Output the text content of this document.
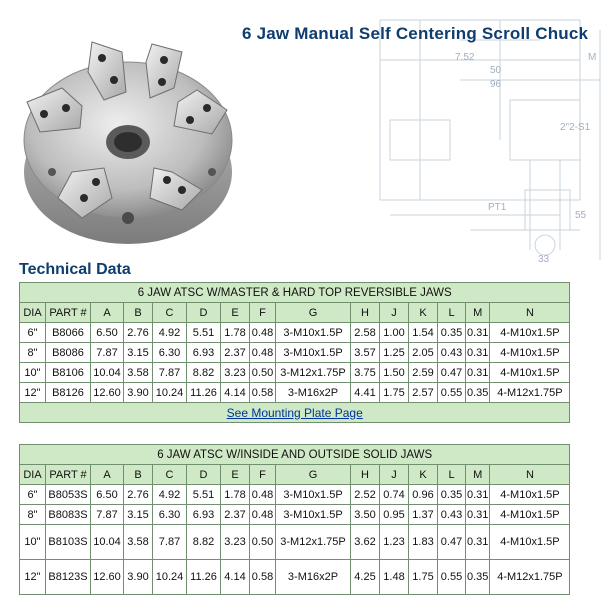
7.52
50
96
2"2-S1
PT1
55
33
M
6 Jaw Manual Self Centering Scroll Chuck
Technical Data
6 JAW ATSC W/MASTER & HARD TOP REVERSIBLE JAWS														
DIA	PART #	A	B	C	D	E	F	G	H	J	K	L	M	N
6"	B8066	6.50	2.76	4.92	5.51	1.78	0.48	3-M10x1.5P	2.58	1.00	1.54	0.35	0.31	4-M10x1.5P
8"	B8086	7.87	3.15	6.30	6.93	2.37	0.48	3-M10x1.5P	3.57	1.25	2.05	0.43	0.31	4-M10x1.5P
10"	B8106	10.04	3.58	7.87	8.82	3.23	0.50	3-M12x1.75P	3.75	1.50	2.59	0.47	0.31	4-M10x1.5P
12"	B8126	12.60	3.90	10.24	11.26	4.14	0.58	3-M16x2P	4.41	1.75	2.57	0.55	0.35	4-M12x1.75P
See Mounting Plate Page														
6 JAW ATSC W/INSIDE AND OUTSIDE SOLID JAWS														
DIA	PART #	A	B	C	D	E	F	G	H	J	K	L	M	N
6"	B8053S	6.50	2.76	4.92	5.51	1.78	0.48	3-M10x1.5P	2.52	0.74	0.96	0.35	0.31	4-M10x1.5P
8"	B8083S	7.87	3.15	6.30	6.93	2.37	0.48	3-M10x1.5P	3.50	0.95	1.37	0.43	0.31	4-M10x1.5P
10"	B8103S	10.04	3.58	7.87	8.82	3.23	0.50	3-M12x1.75P	3.62	1.23	1.83	0.47	0.31	4-M10x1.5P
12"	B8123S	12.60	3.90	10.24	11.26	4.14	0.58	3-M16x2P	4.25	1.48	1.75	0.55	0.35	4-M12x1.75P
